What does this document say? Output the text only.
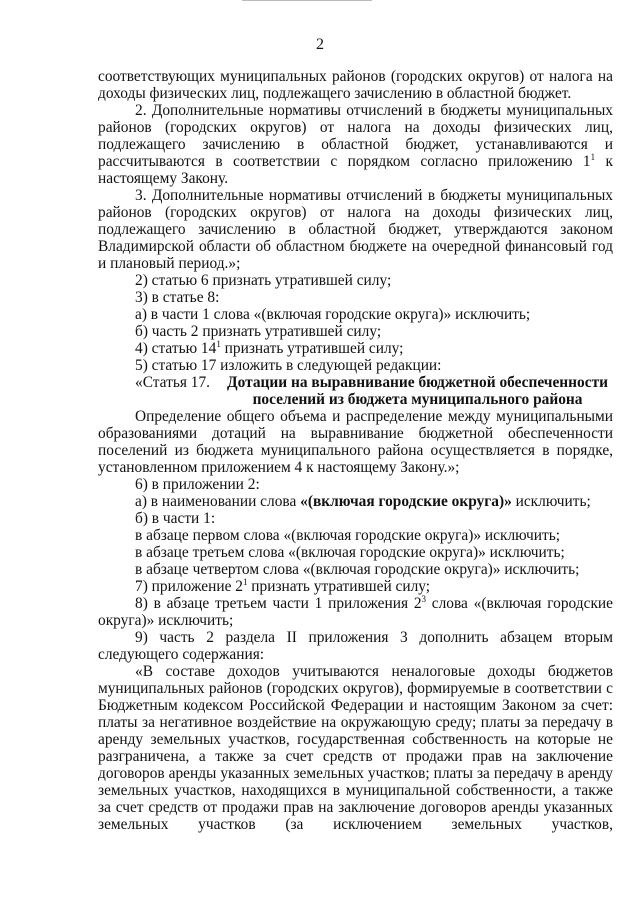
2

соответствующих муниципальных районов (городских округов) от налога на доходы физических лиц, подлежащего зачислению в областной бюджет.

2. Дополнительные нормативы отчислений в бюджеты муниципальных районов (городских округов) от налога на доходы физических лиц, подлежащего зачислению в областной бюджет, устанавливаются и рассчитываются в соответствии с порядком согласно приложению $1^1$ к настоящему Закону.

3. Дополнительные нормативы отчислений в бюджеты муниципальных районов (городских округов) от налога на доходы физических лиц, подлежащего зачислению в областной бюджет, утверждаются законом Владимирской области об областном бюджете на очередной финансовый год и плановый период.»;

2) статью 6 признать утратившей силу;

3) в статье 8:

а) в части 1 слова «(включая городские округа)» исключить;

б) часть 2 признать утратившей силу;

4) статью $14^1$ признать утратившей силу;

5) статью 17 изложить в следующей редакции:

«Статья 17.	Дотации на выравнивание бюджетной обеспеченности поселений из бюджета муниципального района

Определение общего объема и распределение между муниципальными образованиями дотаций на выравнивание бюджетной обеспеченности поселений из бюджета муниципального района осуществляется в порядке, установленном приложением 4 к настоящему Закону.»;

6) в приложении 2:

а) в наименовании слова «(включая городские округа)» исключить;

б) в части 1:

в абзаце первом слова «(включая городские округа)» исключить;

в абзаце третьем слова «(включая городские округа)» исключить;

в абзаце четвертом слова «(включая городские округа)» исключить;

7) приложение $2^1$ признать утратившей силу;

8) в абзаце третьем части 1 приложения $2^3$ слова «(включая городские округа)» исключить;

9) часть 2 раздела II приложения 3 дополнить абзацем вторым следующего содержания:

«В составе доходов учитываются неналоговые доходы бюджетов муниципальных районов (городских округов), формируемые в соответствии с Бюджетным кодексом Российской Федерации и настоящим Законом за счет: платы за негативное воздействие на окружающую среду; платы за передачу в аренду земельных участков, государственная собственность на которые не разграничена, а также за счет средств от продажи прав на заключение договоров аренды указанных земельных участков; платы за передачу в аренду земельных участков, находящихся в муниципальной собственности, а также за счет средств от продажи прав на заключение договоров аренды указанных земельных участков (за исключением земельных участков,
